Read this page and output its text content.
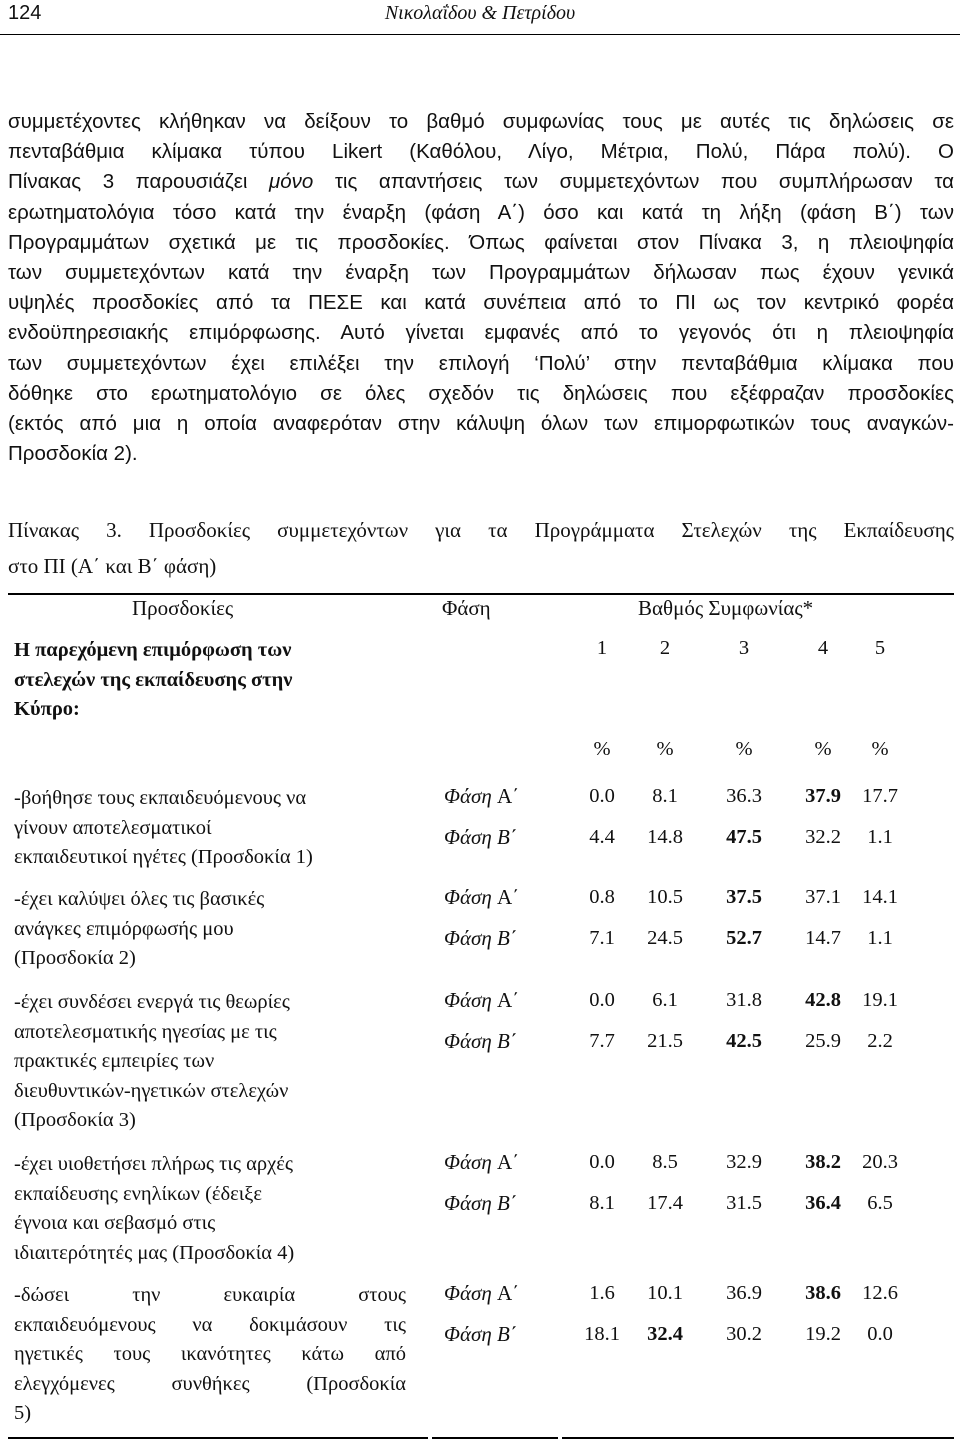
124	Νικολαΐδου & Πετρίδου
συμμετέχοντες κλήθηκαν να δείξουν το βαθμό συμφωνίας τους με αυτές τις δηλώσεις σε
πενταβάθμια κλίμακα τύπου Likert (Καθόλου, Λίγο, Μέτρια, Πολύ, Πάρα πολύ). Ο
Πίνακας 3 παρουσιάζει μόνο τις απαντήσεις των συμμετεχόντων που συμπλήρωσαν τα
ερωτηματολόγια τόσο κατά την έναρξη (φάση Α΄) όσο και κατά τη λήξη (φάση Β΄) των
Προγραμμάτων σχετικά με τις προσδοκίες. Όπως φαίνεται στον Πίνακα 3, η πλειοψηφία
των συμμετεχόντων κατά την έναρξη των Προγραμμάτων δήλωσαν πως έχουν γενικά
υψηλές προσδοκίες από τα ΠΕΣΕ και κατά συνέπεια από το ΠΙ ως τον κεντρικό φορέα
ενδοϋπηρεσιακής επιμόρφωσης. Αυτό γίνεται εμφανές από το γεγονός ότι η πλειοψηφία
των συμμετεχόντων έχει επιλέξει την επιλογή ‘Πολύ’ στην πενταβάθμια κλίμακα που
δόθηκε στο ερωτηματολόγιο σε όλες σχεδόν τις δηλώσεις που εξέφραζαν προσδοκίες
(εκτός από μια η οποία αναφερόταν στην κάλυψη όλων των επιμορφωτικών τους αναγκών-
Προσδοκία 2).
Πίνακας 3. Προσδοκίες συμμετεχόντων για τα Προγράμματα Στελεχών της Εκπαίδευσης
στο ΠΙ (Α΄ και Β΄ φάση)
Προσδοκίες	Φάση	Βαθμός Συμφωνίας*
Η παρεχόμενη επιμόρφωση των
στελεχών της εκπαίδευσης στην
Κύπρο:
1	2	3	4	5
%	%	%	%	%
-βοήθησε τους εκπαιδευόμενους να
γίνουν αποτελεσματικοί
εκπαιδευτικοί ηγέτες (Προσδοκία 1)
Φάση Α΄	0.0	8.1	36.3	37.9	17.7
Φάση Β΄	4.4	14.8	47.5	32.2	1.1
-έχει καλύψει όλες τις βασικές
ανάγκες επιμόρφωσής μου
(Προσδοκία 2)
Φάση Α΄	0.8	10.5	37.5	37.1	14.1
Φάση Β΄	7.1	24.5	52.7	14.7	1.1
-έχει συνδέσει ενεργά τις θεωρίες
αποτελεσματικής ηγεσίας με τις
πρακτικές εμπειρίες των
διευθυντικών-ηγετικών στελεχών
(Προσδοκία 3)
Φάση Α΄	0.0	6.1	31.8	42.8	19.1
Φάση Β΄	7.7	21.5	42.5	25.9	2.2
-έχει υιοθετήσει πλήρως τις αρχές
εκπαίδευσης ενηλίκων (έδειξε
έγνοια και σεβασμό στις
ιδιαιτερότητές μας (Προσδοκία 4)
Φάση Α΄	0.0	8.5	32.9	38.2	20.3
Φάση Β΄	8.1	17.4	31.5	36.4	6.5
-δώσει την ευκαιρία στους
εκπαιδευόμενους να δοκιμάσουν τις
ηγετικές τους ικανότητες κάτω από
ελεγχόμενες συνθήκες (Προσδοκία
5)
Φάση Α΄	1.6	10.1	36.9	38.6	12.6
Φάση Β΄	18.1	32.4	30.2	19.2	0.0
